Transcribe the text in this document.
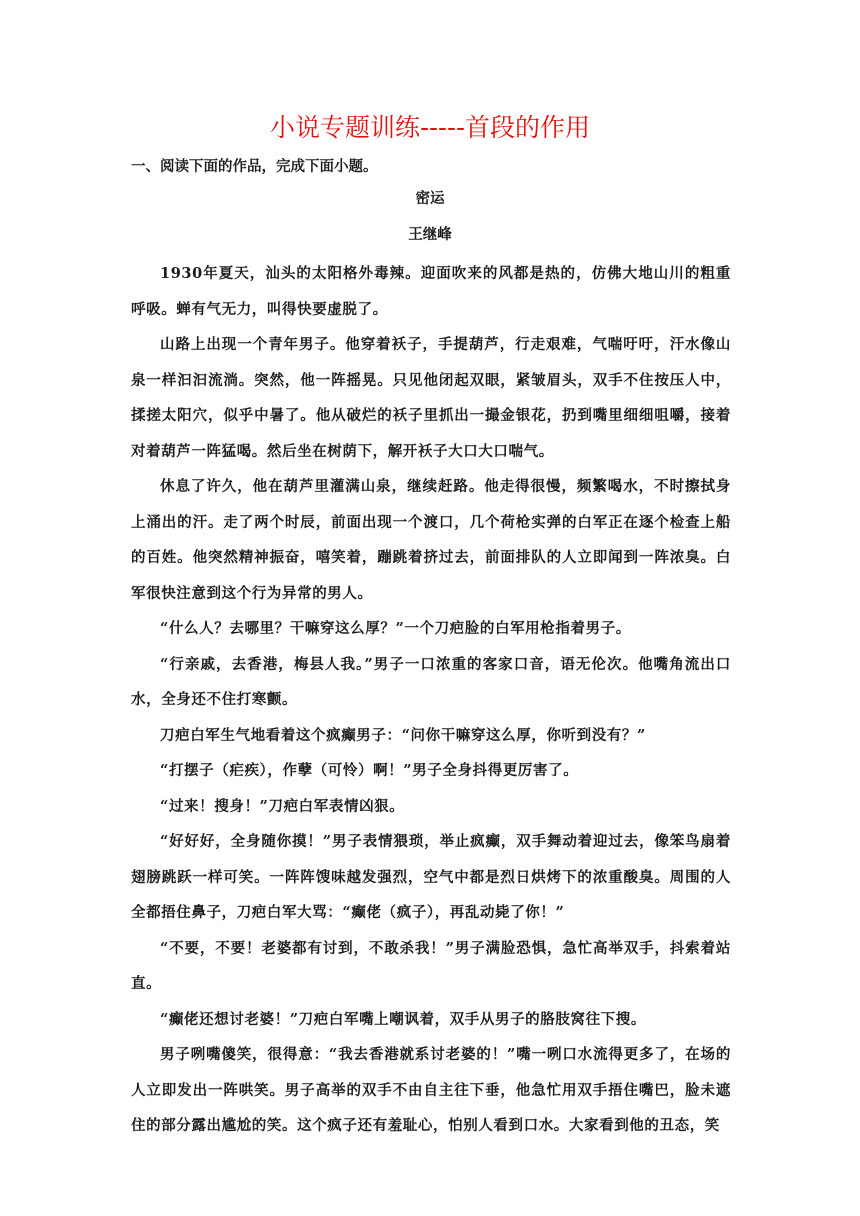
小说专题训练-----首段的作用
一、阅读下面的作品，完成下面小题。
密运
王继峰

1930年夏天，汕头的太阳格外毒辣。迎面吹来的风都是热的，仿佛大地山川的粗重呼吸。蝉有气无力，叫得快要虚脱了。

山路上出现一个青年男子。他穿着袄子，手提葫芦，行走艰难，气喘吁吁，汗水像山泉一样汩汩流淌。突然，他一阵摇晃。只见他闭起双眼，紧皱眉头，双手不住按压人中，揉搓太阳穴，似乎中暑了。他从破烂的袄子里抓出一撮金银花，扔到嘴里细细咀嚼，接着对着葫芦一阵猛喝。然后坐在树荫下，解开袄子大口大口喘气。

休息了许久，他在葫芦里灌满山泉，继续赶路。他走得很慢，频繁喝水，不时擦拭身上涌出的汗。走了两个时辰，前面出现一个渡口，几个荷枪实弹的白军正在逐个检查上船的百姓。他突然精神振奋，嘻笑着，蹦跳着挤过去，前面排队的人立即闻到一阵浓臭。白军很快注意到这个行为异常的男人。

“什么人？去哪里？干嘛穿这么厚？”一个刀疤脸的白军用枪指着男子。

“行亲戚，去香港，梅县人我。”男子一口浓重的客家口音，语无伦次。他嘴角流出口水，全身还不住打寒颤。

刀疤白军生气地看着这个疯癫男子：“问你干嘛穿这么厚，你听到没有？”

“打摆子（疟疾），作孽（可怜）啊！”男子全身抖得更厉害了。

“过来！搜身！”刀疤白军表情凶狠。

“好好好，全身随你摸！”男子表情猥琐，举止疯癫，双手舞动着迎过去，像笨鸟扇着翅膀跳跃一样可笑。一阵阵馊味越发强烈，空气中都是烈日烘烤下的浓重酸臭。周围的人全都捂住鼻子，刀疤白军大骂：“癫佬（疯子），再乱动毙了你！”

“不要，不要！老婆都有讨到，不敢杀我！”男子满脸恐惧，急忙高举双手，抖索着站直。

“癫佬还想讨老婆！”刀疤白军嘴上嘲讽着，双手从男子的胳肢窝往下搜。

男子咧嘴傻笑，很得意：“我去香港就系讨老婆的！”嘴一咧口水流得更多了，在场的人立即发出一阵哄笑。男子高举的双手不由自主往下垂，他急忙用双手捂住嘴巴，脸未遮住的部分露出尴尬的笑。这个疯子还有羞耻心，怕别人看到口水。大家看到他的丑态，笑
